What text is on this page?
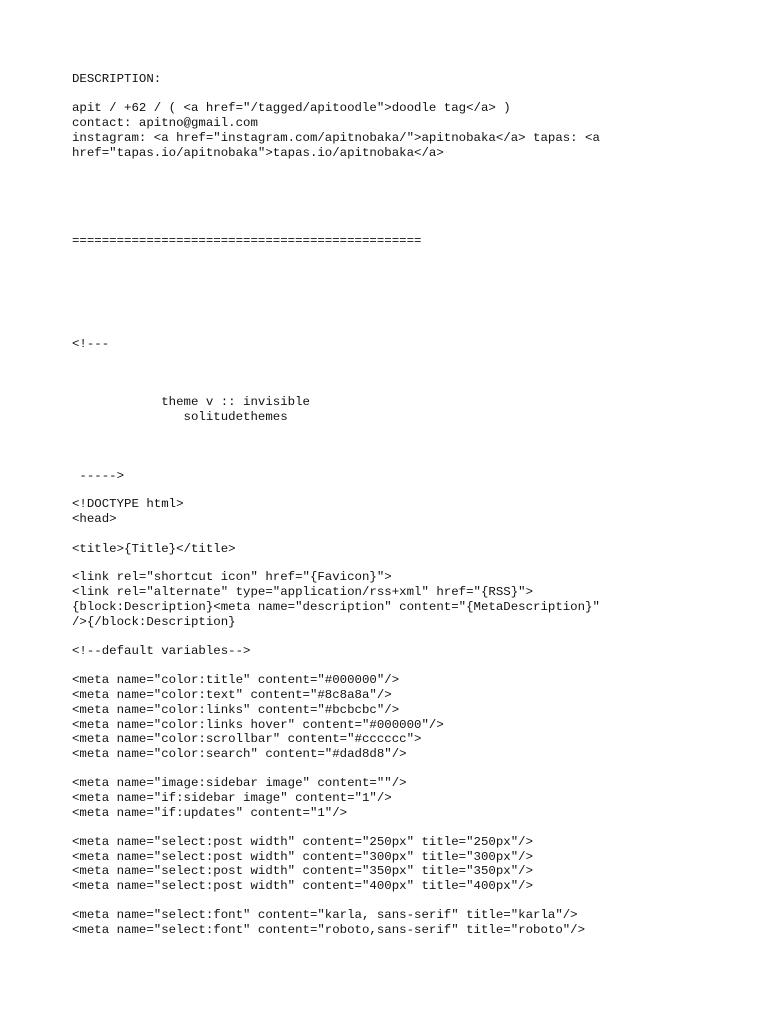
DESCRIPTION:
apit / +62 / ( <a href="/tagged/apitoodle">doodle tag</a> )
contact: apitno@gmail.com
instagram: <a href="instagram.com/apitnobaka/">apitnobaka</a> tapas: <a
href="tapas.io/apitnobaka">tapas.io/apitnobaka</a>
===============================================
<!---
theme v :: invisible
solitudethemes
----->
<!DOCTYPE html>
<head>
<title>{Title}</title>
<link rel="shortcut icon" href="{Favicon}">
<link rel="alternate" type="application/rss+xml" href="{RSS}">
{block:Description}<meta name="description" content="{MetaDescription}"
/>{/block:Description}
<!--default variables-->
<meta name="color:title" content="#000000"/>
<meta name="color:text" content="#8c8a8a"/>
<meta name="color:links" content="#bcbcbc"/>
<meta name="color:links hover" content="#000000"/>
<meta name="color:scrollbar" content="#cccccc">
<meta name="color:search" content="#dad8d8"/>
<meta name="image:sidebar image" content=""/>
<meta name="if:sidebar image" content="1"/>
<meta name="if:updates" content="1"/>
<meta name="select:post width" content="250px" title="250px"/>
<meta name="select:post width" content="300px" title="300px"/>
<meta name="select:post width" content="350px" title="350px"/>
<meta name="select:post width" content="400px" title="400px"/>
<meta name="select:font" content="karla, sans-serif" title="karla"/>
<meta name="select:font" content="roboto,sans-serif" title="roboto"/>
